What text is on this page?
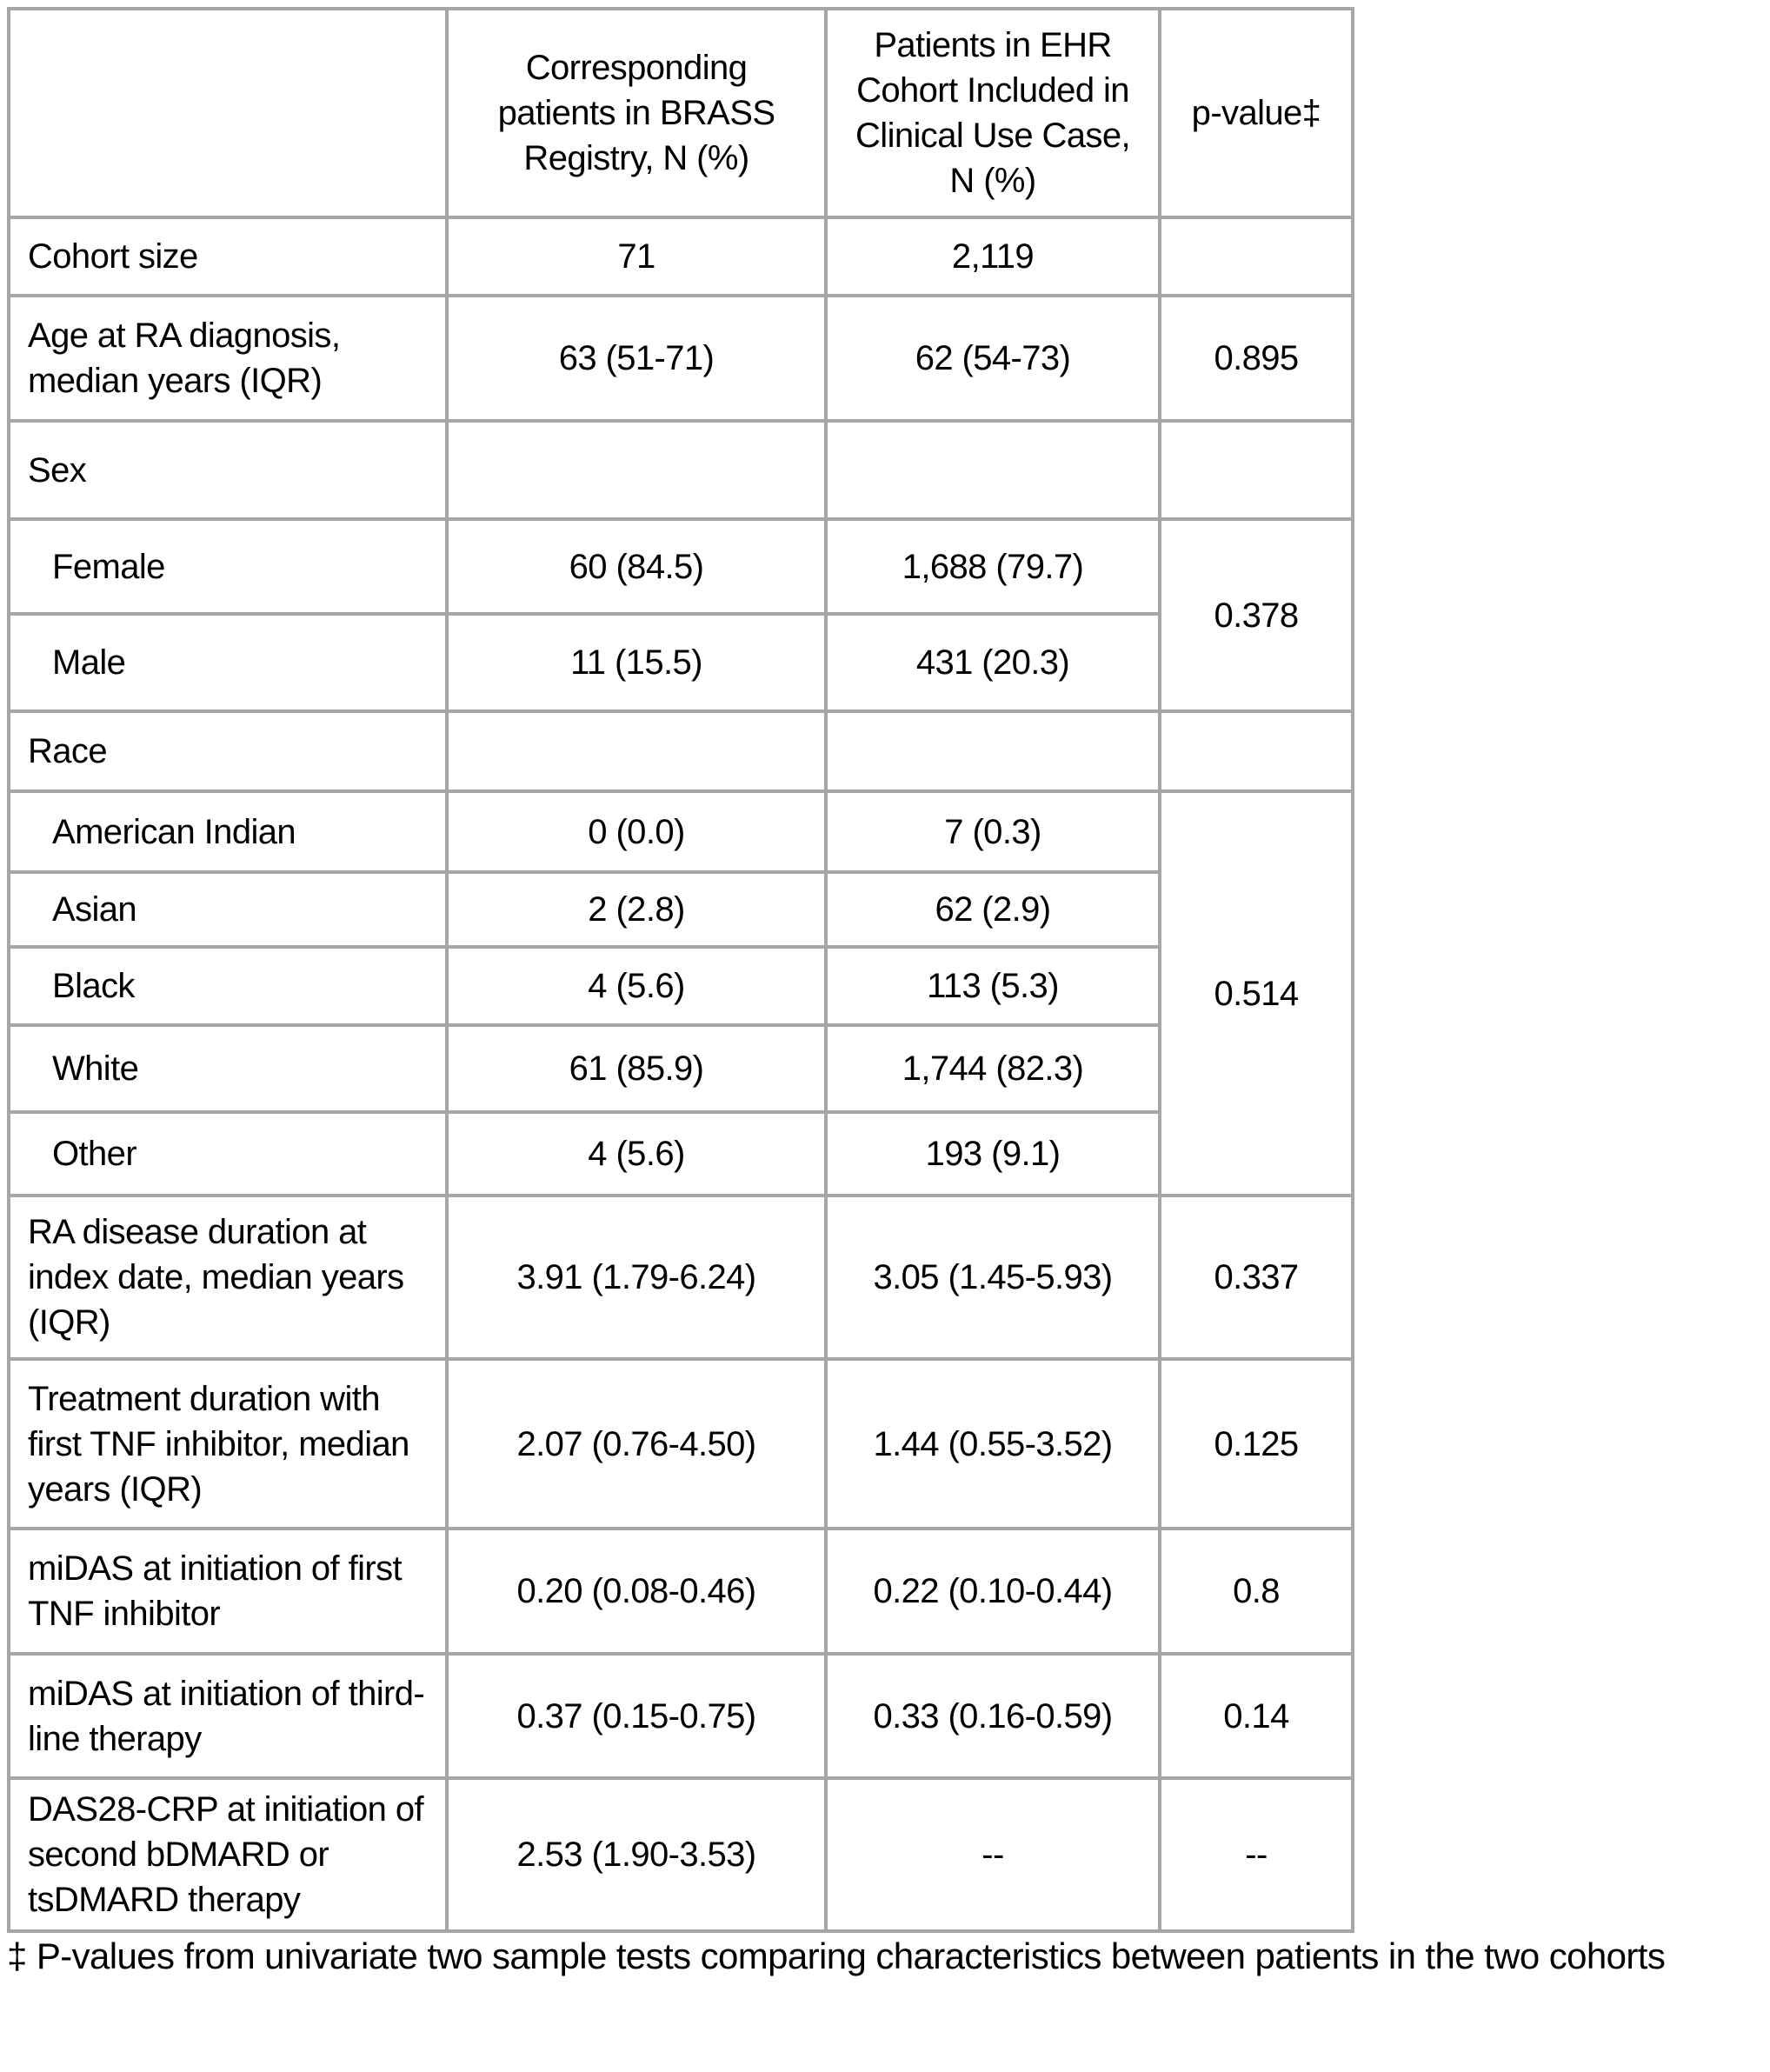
	Corresponding patients in BRASS Registry, N (%)	Patients in EHR Cohort Included in Clinical Use Case, N (%)	p-value‡
Cohort size	71	2,119	
Age at RA diagnosis, median years (IQR)	63 (51-71)	62 (54-73)	0.895
Sex			
Female	60 (84.5)	1,688 (79.7)	0.378
Male	11 (15.5)	431 (20.3)	
Race			
American Indian	0 (0.0)	7 (0.3)	0.514
Asian	2 (2.8)	62 (2.9)	
Black	4 (5.6)	113 (5.3)	
White	61 (85.9)	1,744 (82.3)	
Other	4 (5.6)	193 (9.1)	
RA disease duration at index date, median years (IQR)	3.91 (1.79-6.24)	3.05 (1.45-5.93)	0.337
Treatment duration with first TNF inhibitor, median years (IQR)	2.07 (0.76-4.50)	1.44 (0.55-3.52)	0.125
miDAS at initiation of first TNF inhibitor	0.20 (0.08-0.46)	0.22 (0.10-0.44)	0.8
miDAS at initiation of third-line therapy	0.37 (0.15-0.75)	0.33 (0.16-0.59)	0.14
DAS28-CRP at initiation of second bDMARD or tsDMARD therapy	2.53 (1.90-3.53)	--	--
‡ P-values from univariate two sample tests comparing characteristics between patients in the two cohorts
